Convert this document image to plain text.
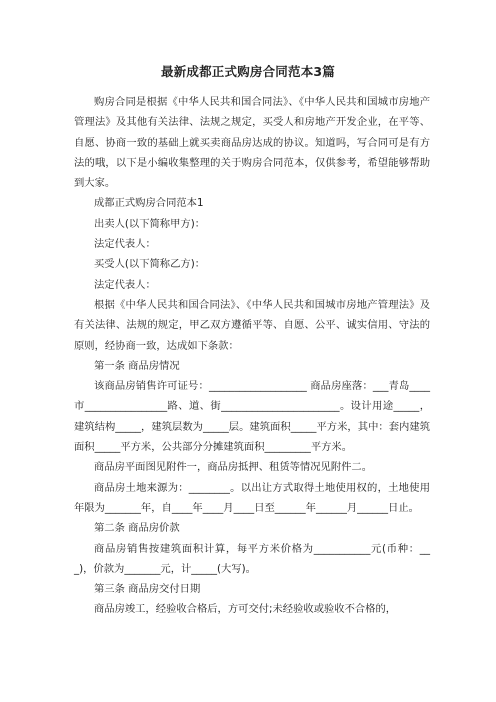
最新成都正式购房合同范本3篇

购房合同是根据《中华人民共和国合同法》、《中华人民共和国城市房地产管理法》及其他有关法律、法规之规定，买受人和房地产开发企业，在平等、自愿、协商一致的基础上就买卖商品房达成的协议。知道吗，写合同可是有方法的哦，以下是小编收集整理的关于购房合同范本，仅供参考，希望能够帮助到大家。

成都正式购房合同范本1

出卖人(以下简称甲方)：

法定代表人：

买受人(以下简称乙方)：

法定代表人：

根据《中华人民共和国合同法》、《中华人民共和国城市房地产管理法》及有关法律、法规的规定，甲乙双方遵循平等、自愿、公平、诚实信用、守法的原则，经协商一致，达成如下条款：

第一条 商品房情况

该商品房销售许可证号：___________________ 商品房座落：___青岛____市________________路、道、街_______________________。设计用途_____，建筑结构_____，建筑层数为_____层。建筑面积_____平方米，其中：套内建筑面积_____平方米，公共部分分摊建筑面积_________平方米。

商品房平面图见附件一，商品房抵押、租赁等情况见附件二。

商品房土地来源为：________。以出让方式取得土地使用权的，土地使用年限为_______年，自____年____月____日至______年______月______日止。

第二条 商品房价款

商品房销售按建筑面积计算，每平方米价格为___________元(币种：___)，价款为_______元，计_____(大写)。

第三条 商品房交付日期

商品房竣工，经验收合格后，方可交付;未经验收或验收不合格的，
